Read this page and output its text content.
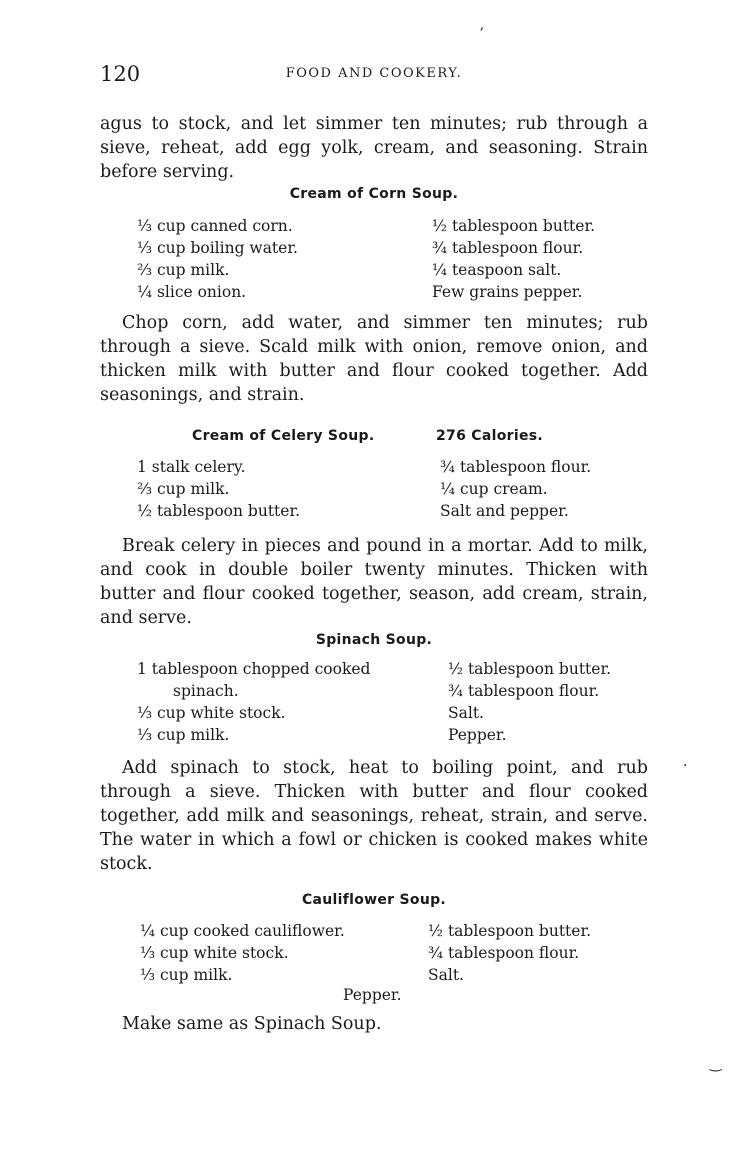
ʼ
·
‿
120	FOOD AND COOKERY.

agus to stock, and let simmer ten minutes; rub through a sieve, reheat, add egg yolk, cream, and seasoning. Strain before serving.

Cream of Corn Soup.
⅓ cup canned corn.
⅓ cup boiling water.
⅔ cup milk.
¼ slice onion.
½ tablespoon butter.
¾ tablespoon flour.
¼ teaspoon salt.
Few grains pepper.

Chop corn, add water, and simmer ten minutes; rub through a sieve. Scald milk with onion, remove onion, and thicken milk with butter and flour cooked together. Add seasonings, and strain.

Cream of Celery Soup.	276 Calories.
1 stalk celery.
⅔ cup milk.
½ tablespoon butter.
¾ tablespoon flour.
¼ cup cream.
Salt and pepper.

Break celery in pieces and pound in a mortar. Add to milk, and cook in double boiler twenty minutes. Thicken with butter and flour cooked together, season, add cream, strain, and serve.

Spinach Soup.
1 tablespoon chopped cooked
spinach.
⅓ cup white stock.
⅓ cup milk.
½ tablespoon butter.
¾ tablespoon flour.
Salt.
Pepper.

Add spinach to stock, heat to boiling point, and rub through a sieve. Thicken with butter and flour cooked together, add milk and seasonings, reheat, strain, and serve. The water in which a fowl or chicken is cooked makes white stock.

Cauliflower Soup.
¼ cup cooked cauliflower.
⅓ cup white stock.
⅓ cup milk.
½ tablespoon butter.
¾ tablespoon flour.
Salt.
Pepper.

Make same as Spinach Soup.
